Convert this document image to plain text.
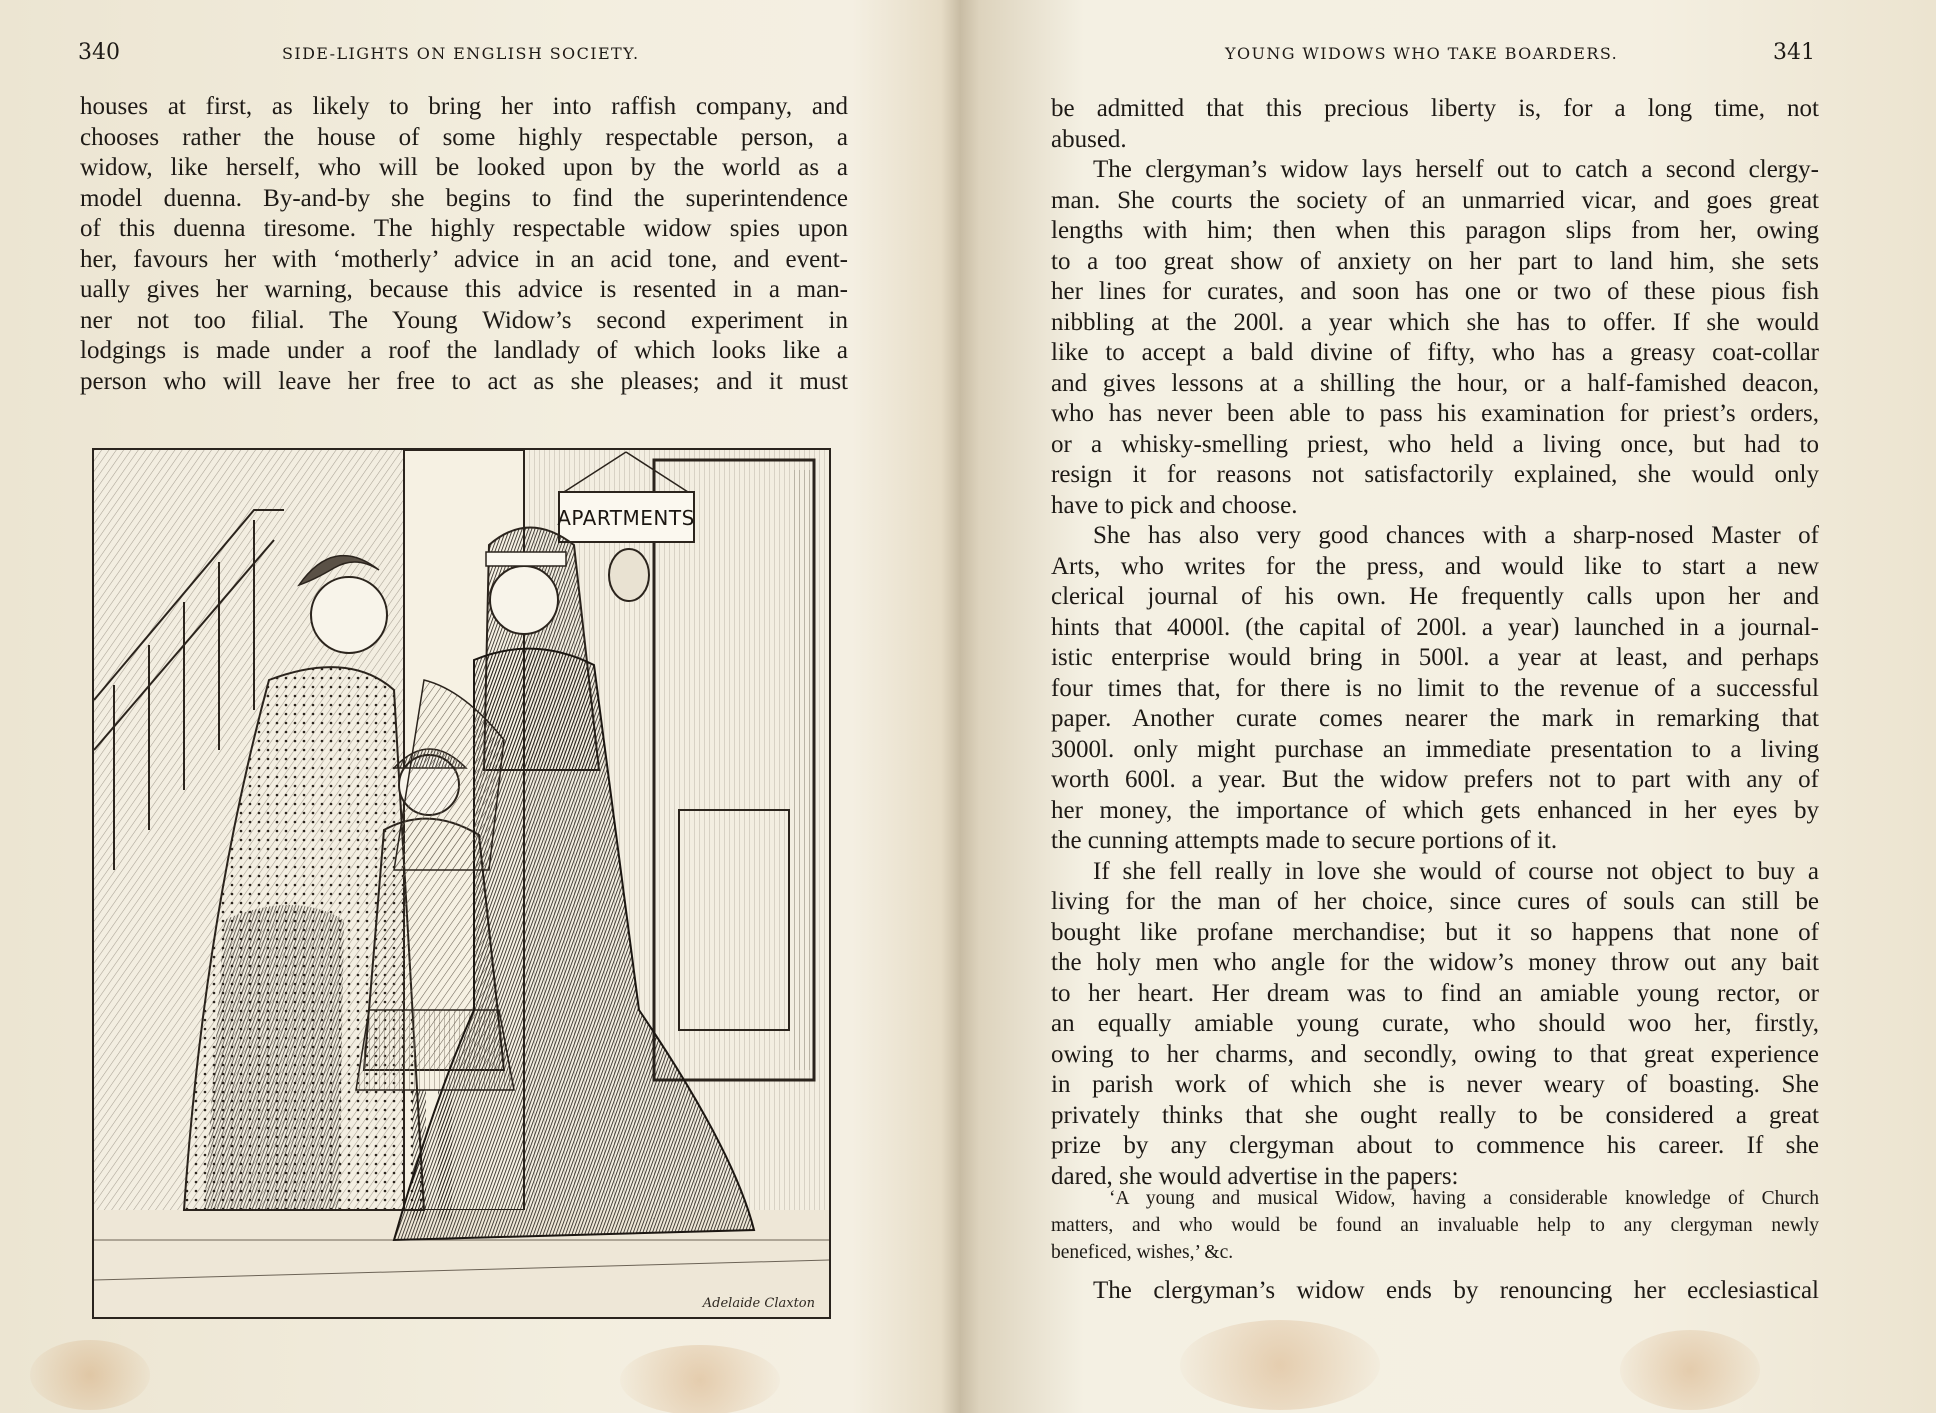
340	SIDE-LIGHTS ON ENGLISH SOCIETY.
houses at first, as likely to bring her into raffish company, and
chooses rather the house of some highly respectable person, a
widow, like herself, who will be looked upon by the world as a
model duenna. By-and-by she begins to find the superintendence
of this duenna tiresome. The highly respectable widow spies upon
her, favours her with ‘motherly’ advice in an acid tone, and event-
ually gives her warning, because this advice is resented in a man-
ner not too filial. The Young Widow’s second experiment in
lodgings is made under a roof the landlady of which looks like a
person who will leave her free to act as she pleases; and it must
APARTMENTS
Adelaide Claxton
YOUNG WIDOWS WHO TAKE BOARDERS.	341
be admitted that this precious liberty is, for a long time, not
abused.
The clergyman’s widow lays herself out to catch a second clergy-
man. She courts the society of an unmarried vicar, and goes great
lengths with him; then when this paragon slips from her, owing
to a too great show of anxiety on her part to land him, she sets
her lines for curates, and soon has one or two of these pious fish
nibbling at the 200l. a year which she has to offer. If she would
like to accept a bald divine of fifty, who has a greasy coat-collar
and gives lessons at a shilling the hour, or a half-famished deacon,
who has never been able to pass his examination for priest’s orders,
or a whisky-smelling priest, who held a living once, but had to
resign it for reasons not satisfactorily explained, she would only
have to pick and choose.
She has also very good chances with a sharp-nosed Master of
Arts, who writes for the press, and would like to start a new
clerical journal of his own. He frequently calls upon her and
hints that 4000l. (the capital of 200l. a year) launched in a journal-
istic enterprise would bring in 500l. a year at least, and perhaps
four times that, for there is no limit to the revenue of a successful
paper. Another curate comes nearer the mark in remarking that
3000l. only might purchase an immediate presentation to a living
worth 600l. a year. But the widow prefers not to part with any of
her money, the importance of which gets enhanced in her eyes by
the cunning attempts made to secure portions of it.
If she fell really in love she would of course not object to buy a
living for the man of her choice, since cures of souls can still be
bought like profane merchandise; but it so happens that none of
the holy men who angle for the widow’s money throw out any bait
to her heart. Her dream was to find an amiable young rector, or
an equally amiable young curate, who should woo her, firstly,
owing to her charms, and secondly, owing to that great experience
in parish work of which she is never weary of boasting. She
privately thinks that she ought really to be considered a great
prize by any clergyman about to commence his career. If she
dared, she would advertise in the papers:
‘A young and musical Widow, having a considerable knowledge of Church
matters, and who would be found an invaluable help to any clergyman newly
beneficed, wishes,’ &c.
The clergyman’s widow ends by renouncing her ecclesiastical
